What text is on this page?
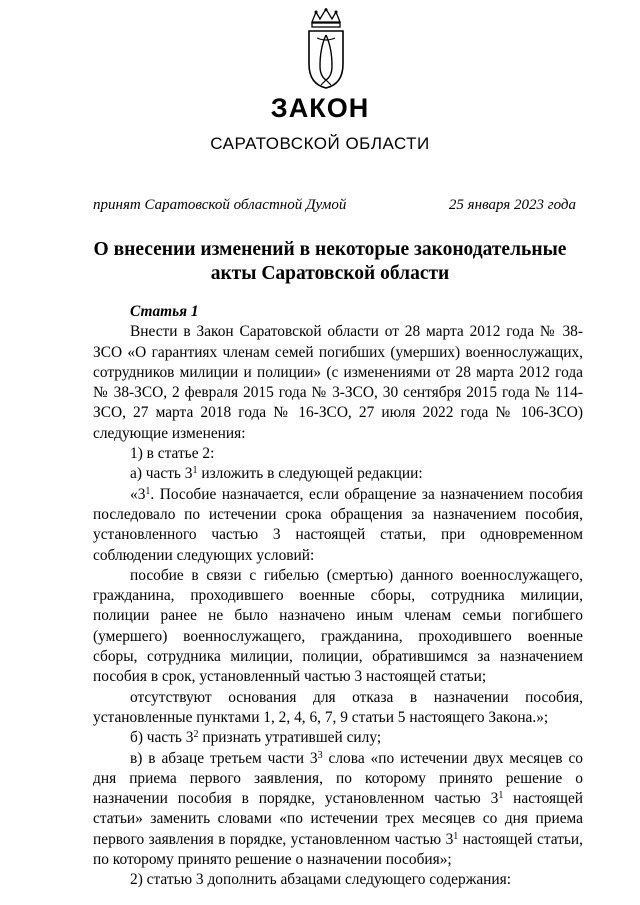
ЗАКОН
САРАТОВСКОЙ ОБЛАСТИ
принят Саратовской областной Думой	25 января 2023 года
О внесении изменений в некоторые законодательные
акты Саратовской области

Статья 1

Внести в Закон Саратовской области от 28 марта 2012 года № 38-ЗСО «О гарантиях членам семей погибших (умерших) военнослужащих, сотрудников милиции и полиции» (с изменениями от 28 марта 2012 года № 38-ЗСО, 2 февраля 2015 года № 3-ЗСО, 30 сентября 2015 года № 114-ЗСО, 27 марта 2018 года № 16-ЗСО, 27 июля 2022 года № 106-ЗСО) следующие изменения:

1) в статье 2:

а) часть $3^1$ изложить в следующей редакции:

«$3^1$. Пособие назначается, если обращение за назначением пособия последовало по истечении срока обращения за назначением пособия, установленного частью 3 настоящей статьи, при одновременном соблюдении следующих условий:

пособие в связи с гибелью (смертью) данного военнослужащего, гражданина, проходившего военные сборы, сотрудника милиции, полиции ранее не было назначено иным членам семьи погибшего (умершего) военнослужащего, гражданина, проходившего военные сборы, сотрудника милиции, полиции, обратившимся за назначением пособия в срок, установленный частью 3 настоящей статьи;

отсутствуют основания для отказа в назначении пособия, установленные пунктами 1, 2, 4, 6, 7, 9 статьи 5 настоящего Закона.»;

б) часть $3^2$ признать утратившей силу;

в) в абзаце третьем части $3^3$ слова «по истечении двух месяцев со дня приема первого заявления, по которому принято решение о назначении пособия в порядке, установленном частью $3^1$ настоящей статьи» заменить словами «по истечении трех месяцев со дня приема первого заявления в порядке, установленном частью $3^1$ настоящей статьи, по которому принято решение о назначении пособия»;

2) статью 3 дополнить абзацами следующего содержания:
